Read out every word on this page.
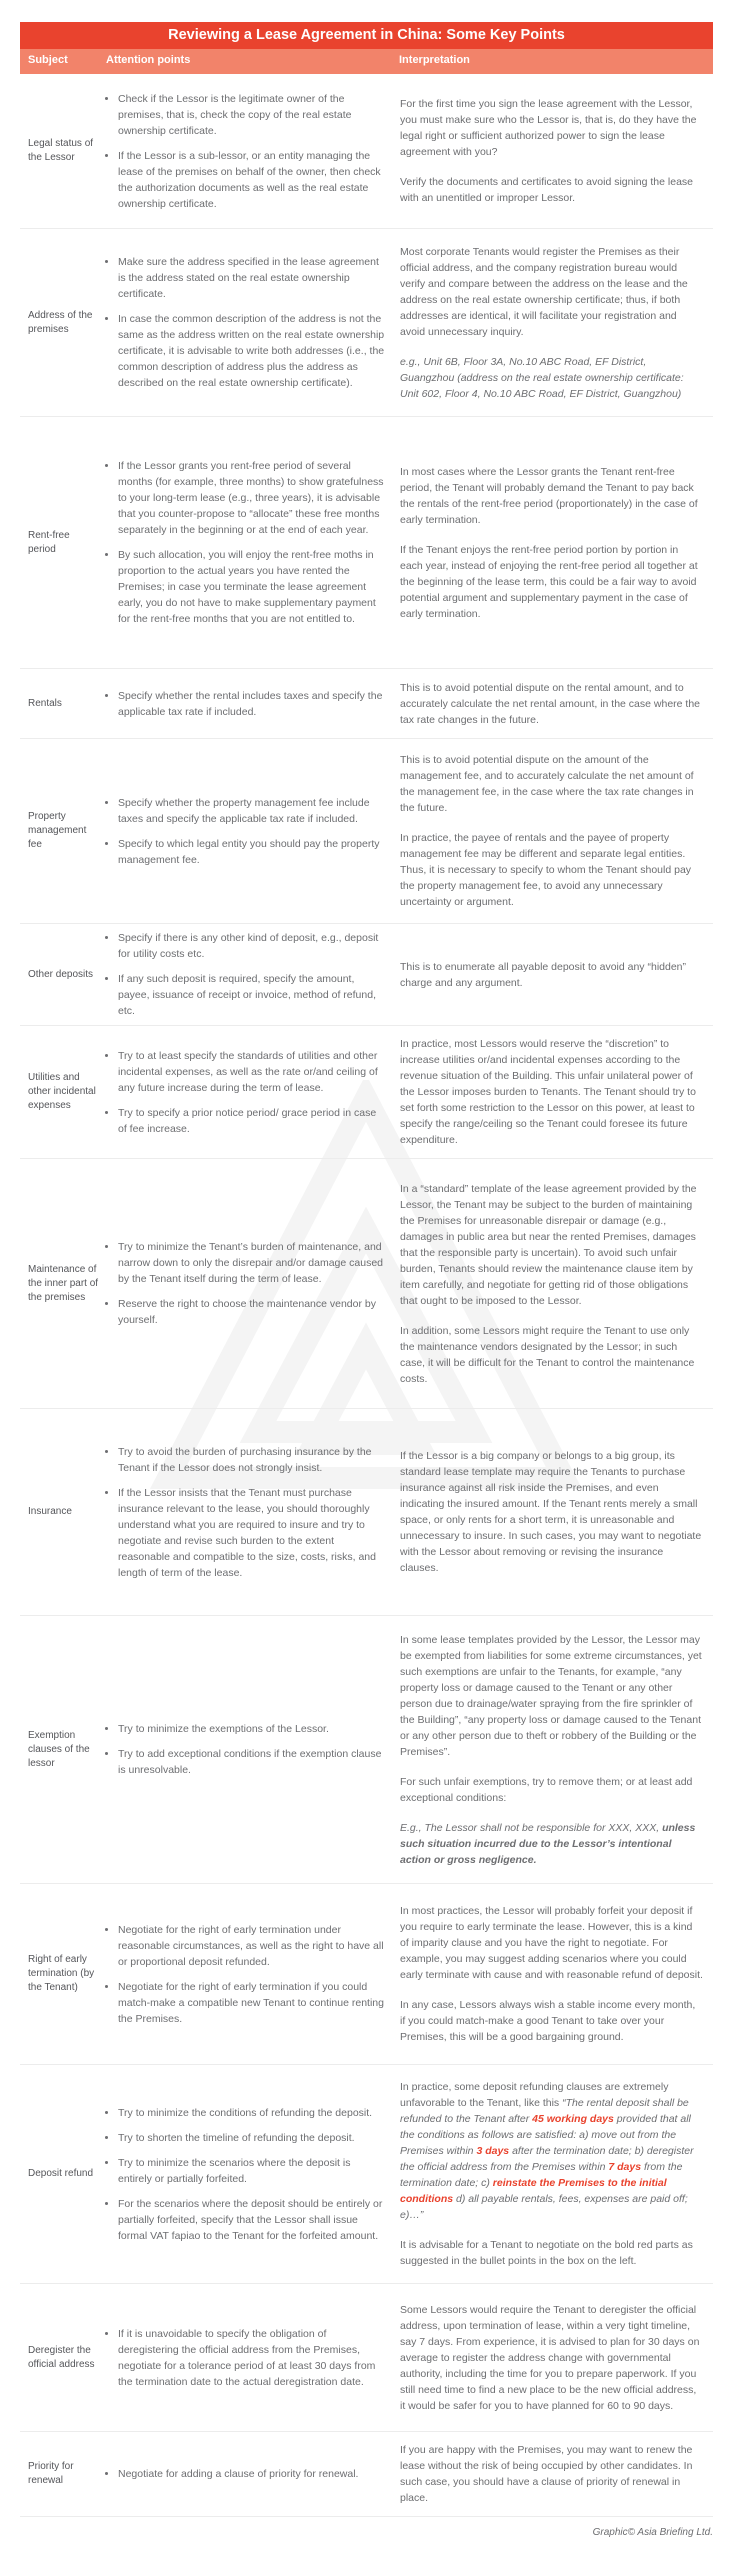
Reviewing a Lease Agreement in China: Some Key Points
Subject	Attention points	Interpretation
Legal status of the Lessor
Check if the Lessor is the legitimate owner of the premises, that is, check the copy of the real estate ownership certificate.
If the Lessor is a sub-lessor, or an entity managing the lease of the premises on behalf of the owner, then check the authorization documents as well as the real estate ownership certificate.

For the first time you sign the lease agreement with the Lessor, you must make sure who the Lessor is, that is, do they have the legal right or sufficient authorized power to sign the lease agreement with you?

Verify the documents and certificates to avoid signing the lease with an unentitled or improper Lessor.

Address of the premises
Make sure the address specified in the lease agreement is the address stated on the real estate ownership certificate.
In case the common description of the address is not the same as the address written on the real estate ownership certificate, it is advisable to write both addresses (i.e., the common description of address plus the address as described on the real estate ownership certificate).

Most corporate Tenants would register the Premises as their official address, and the company registration bureau would verify and compare between the address on the lease and the address on the real estate ownership certificate; thus, if both addresses are identical, it will facilitate your registration and avoid unnecessary inquiry.

e.g., Unit 6B, Floor 3A, No.10 ABC Road, EF District, Guangzhou (address on the real estate ownership certificate: Unit 602, Floor 4, No.10 ABC Road, EF District, Guangzhou)

Rent-free period
If the Lessor grants you rent-free period of several months (for example, three months) to show gratefulness to your long-term lease (e.g., three years), it is advisable that you counter-propose to “allocate” these free months separately in the beginning or at the end of each year.
By such allocation, you will enjoy the rent-free moths in proportion to the actual years you have rented the Premises; in case you terminate the lease agreement early, you do not have to make supplementary payment for the rent-free months that you are not entitled to.

In most cases where the Lessor grants the Tenant rent-free period, the Tenant will probably demand the Tenant to pay back the rentals of the rent-free period (proportionately) in the case of early termination.

If the Tenant enjoys the rent-free period portion by portion in each year, instead of enjoying the rent-free period all together at the beginning of the lease term, this could be a fair way to avoid potential argument and supplementary payment in the case of early termination.

Rentals
Specify whether the rental includes taxes and specify the applicable tax rate if included.

This is to avoid potential dispute on the rental amount, and to accurately calculate the net rental amount, in the case where the tax rate changes in the future.

Property management fee
Specify whether the property management fee include taxes and specify the applicable tax rate if included.
Specify to which legal entity you should pay the property management fee.

This is to avoid potential dispute on the amount of the management fee, and to accurately calculate the net amount of the management fee, in the case where the tax rate changes in the future.

In practice, the payee of rentals and the payee of property management fee may be different and separate legal entities. Thus, it is necessary to specify to whom the Tenant should pay the property management fee, to avoid any unnecessary uncertainty or argument.

Other deposits
Specify if there is any other kind of deposit, e.g., deposit for utility costs etc.
If any such deposit is required, specify the amount, payee, issuance of receipt or invoice, method of refund, etc.

This is to enumerate all payable deposit to avoid any “hidden” charge and any argument.

Utilities and other incidental expenses
Try to at least specify the standards of utilities and other incidental expenses, as well as the rate or/and ceiling of any future increase during the term of lease.
Try to specify a prior notice period/ grace period in case of fee increase.

In practice, most Lessors would reserve the “discretion” to increase utilities or/and incidental expenses according to the revenue situation of the Building. This unfair unilateral power of the Lessor imposes burden to Tenants. The Tenant should try to set forth some restriction to the Lessor on this power, at least to specify the range/ceiling so the Tenant could foresee its future expenditure.

Maintenance of the inner part of the premises
Try to minimize the Tenant’s burden of maintenance, and narrow down to only the disrepair and/or damage caused by the Tenant itself during the term of lease.
Reserve the right to choose the maintenance vendor by yourself.

In a “standard” template of the lease agreement provided by the Lessor, the Tenant may be subject to the burden of maintaining the Premises for unreasonable disrepair or damage (e.g., damages in public area but near the rented Premises, damages that the responsible party is uncertain). To avoid such unfair burden, Tenants should review the maintenance clause item by item carefully, and negotiate for getting rid of those obligations that ought to be imposed to the Lessor.

In addition, some Lessors might require the Tenant to use only the maintenance vendors designated by the Lessor; in such case, it will be difficult for the Tenant to control the maintenance costs.

Insurance
Try to avoid the burden of purchasing insurance by the Tenant if the Lessor does not strongly insist.
If the Lessor insists that the Tenant must purchase insurance relevant to the lease, you should thoroughly understand what you are required to insure and try to negotiate and revise such burden to the extent reasonable and compatible to the size, costs, risks, and length of term of the lease.

If the Lessor is a big company or belongs to a big group, its standard lease template may require the Tenants to purchase insurance against all risk inside the Premises, and even indicating the insured amount. If the Tenant rents merely a small space, or only rents for a short term, it is unreasonable and unnecessary to insure. In such cases, you may want to negotiate with the Lessor about removing or revising the insurance clauses.

Exemption clauses of the lessor
Try to minimize the exemptions of the Lessor.
Try to add exceptional conditions if the exemption clause is unresolvable.

In some lease templates provided by the Lessor, the Lessor may be exempted from liabilities for some extreme circumstances, yet such exemptions are unfair to the Tenants, for example, “any property loss or damage caused to the Tenant or any other person due to drainage/water spraying from the fire sprinkler of the Building”, “any property loss or damage caused to the Tenant or any other person due to theft or robbery of the Building or the Premises”.

For such unfair exemptions, try to remove them; or at least add exceptional conditions:

E.g., The Lessor shall not be responsible for XXX, XXX, unless such situation incurred due to the Lessor’s intentional action or gross negligence.

Right of early termination (by the Tenant)
Negotiate for the right of early termination under reasonable circumstances, as well as the right to have all or proportional deposit refunded.
Negotiate for the right of early termination if you could match-make a compatible new Tenant to continue renting the Premises.

In most practices, the Lessor will probably forfeit your deposit if you require to early terminate the lease. However, this is a kind of imparity clause and you have the right to negotiate. For example, you may suggest adding scenarios where you could early terminate with cause and with reasonable refund of deposit.

In any case, Lessors always wish a stable income every month, if you could match-make a good Tenant to take over your Premises, this will be a good bargaining ground.

Deposit refund
Try to minimize the conditions of refunding the deposit.
Try to shorten the timeline of refunding the deposit.
Try to minimize the scenarios where the deposit is entirely or partially forfeited.
For the scenarios where the deposit should be entirely or partially forfeited, specify that the Lessor shall issue formal VAT fapiao to the Tenant for the forfeited amount.

In practice, some deposit refunding clauses are extremely unfavorable to the Tenant, like this “The rental deposit shall be refunded to the Tenant after 45 working days provided that all the conditions as follows are satisfied: a) move out from the Premises within 3 days after the termination date; b) deregister the official address from the Premises within 7 days from the termination date; c) reinstate the Premises to the initial conditions d) all payable rentals, fees, expenses are paid off; e)…”

It is advisable for a Tenant to negotiate on the bold red parts as suggested in the bullet points in the box on the left.

Deregister the official address
If it is unavoidable to specify the obligation of deregistering the official address from the Premises, negotiate for a tolerance period of at least 30 days from the termination date to the actual deregistration date.

Some Lessors would require the Tenant to deregister the official address, upon termination of lease, within a very tight timeline, say 7 days. From experience, it is advised to plan for 30 days on average to register the address change with governmental authority, including the time for you to prepare paperwork. If you still need time to find a new place to be the new official address, it would be safer for you to have planned for 60 to 90 days.

Priority for renewal
Negotiate for adding a clause of priority for renewal.

If you are happy with the Premises, you may want to renew the lease without the risk of being occupied by other candidates. In such case, you should have a clause of priority of renewal in place.

Graphic© Asia Briefing Ltd.
